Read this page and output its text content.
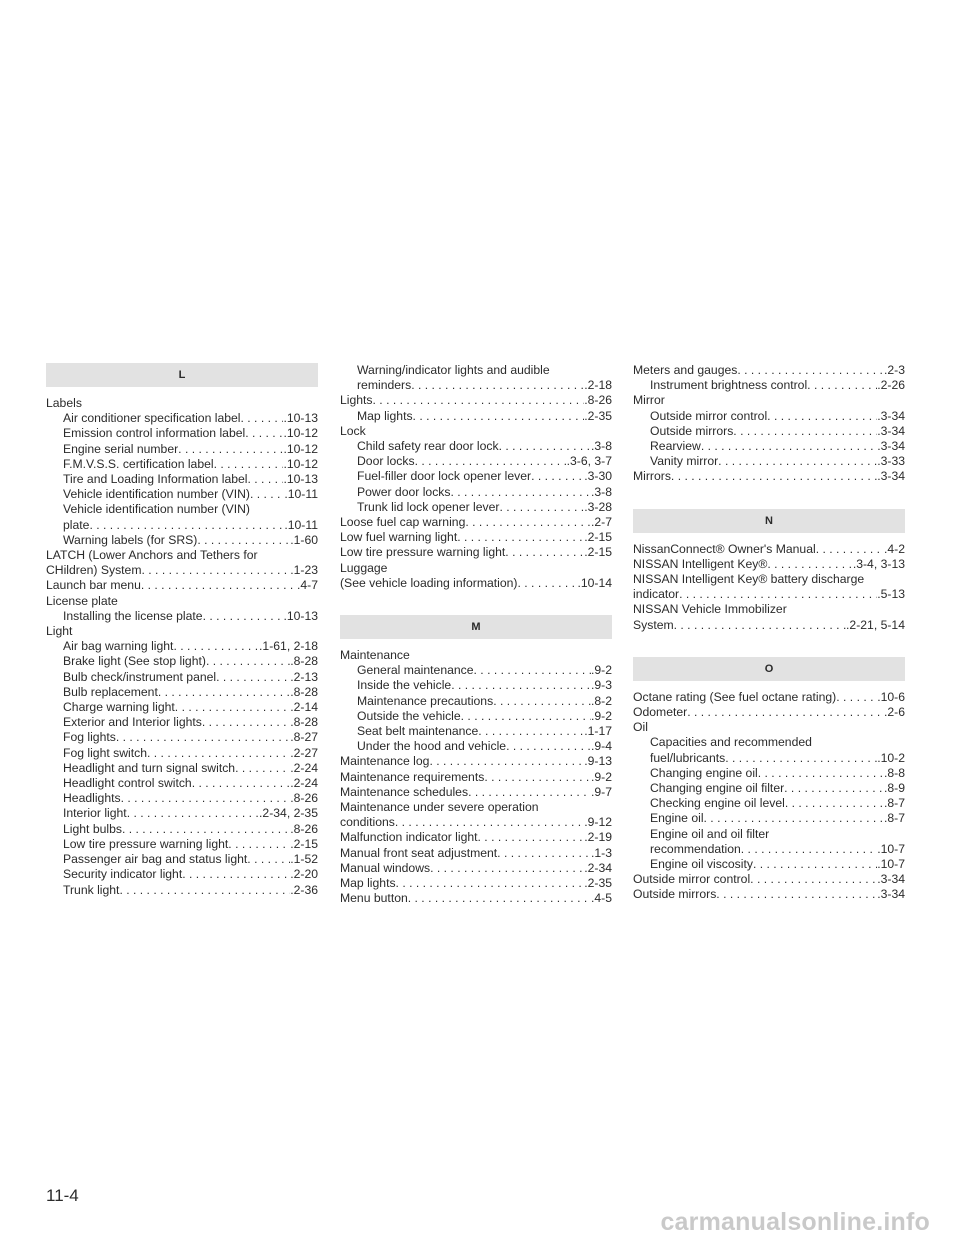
L
Labels
Air conditioner specification label . . .	.10-13
Emission control information label . . .	.10-12
Engine serial number . . .	.10-12
F.M.V.S.S. certification label . . .	.10-12
Tire and Loading Information label . . .	.10-13
Vehicle identification number (VIN) . . .	.10-11
Vehicle identification number (VIN)
plate . . .	.10-11
Warning labels (for SRS) . . .	.1-60
LATCH (Lower Anchors and Tethers for
CHildren) System . . .	.1-23
Launch bar menu . . .	.4-7
License plate
Installing the license plate . . .	.10-13
Light
Air bag warning light . . .	.1-61, 2-18
Brake light (See stop light) . . .	.8-28
Bulb check/instrument panel . . .	.2-13
Bulb replacement . . .	.8-28
Charge warning light . . .	.2-14
Exterior and Interior lights . . .	.8-28
Fog lights . . .	.8-27
Fog light switch . . .	.2-27
Headlight and turn signal switch . . .	.2-24
Headlight control switch . . .	.2-24
Headlights . . .	.8-26
Interior light . . .	.2-34, 2-35
Light bulbs . . .	.8-26
Low tire pressure warning light . . .	.2-15
Passenger air bag and status light . . .	.1-52
Security indicator light . . .	.2-20
Trunk light . . .	.2-36
Warning/indicator lights and audible
reminders . . .	.2-18
Lights . . .	.8-26
Map lights . . .	.2-35
Lock
Child safety rear door lock . . .	.3-8
Door locks . . .	.3-6, 3-7
Fuel-filler door lock opener lever . . .	.3-30
Power door locks . . .	.3-8
Trunk lid lock opener lever . . .	.3-28
Loose fuel cap warning . . .	.2-7
Low fuel warning light . . .	.2-15
Low tire pressure warning light . . .	.2-15
Luggage
(See vehicle loading information) . . .	.10-14
M
Maintenance
General maintenance . . .	.9-2
Inside the vehicle . . .	.9-3
Maintenance precautions . . .	.8-2
Outside the vehicle . . .	.9-2
Seat belt maintenance . . .	.1-17
Under the hood and vehicle . . .	.9-4
Maintenance log . . .	.9-13
Maintenance requirements . . .	.9-2
Maintenance schedules . . .	.9-7
Maintenance under severe operation
conditions . . .	.9-12
Malfunction indicator light . . .	.2-19
Manual front seat adjustment . . .	.1-3
Manual windows . . .	.2-34
Map lights . . .	.2-35
Menu button . . .	.4-5
Meters and gauges . . .	.2-3
Instrument brightness control . . .	.2-26
Mirror
Outside mirror control . . .	.3-34
Outside mirrors . . .	.3-34
Rearview . . .	.3-34
Vanity mirror . . .	.3-33
Mirrors . . .	.3-34
N
NissanConnect® Owner's Manual . . .	.4-2
NISSAN Intelligent Key® . . .	.3-4, 3-13
NISSAN Intelligent Key® battery discharge
indicator . . .	.5-13
NISSAN Vehicle Immobilizer
System . . .	.2-21, 5-14
O
Octane rating (See fuel octane rating) . . .	.10-6
Odometer . . .	.2-6
Oil
Capacities and recommended
fuel/lubricants . . .	.10-2
Changing engine oil . . .	.8-8
Changing engine oil filter . . .	.8-9
Checking engine oil level . . .	.8-7
Engine oil . . .	.8-7
Engine oil and oil filter
recommendation . . .	.10-7
Engine oil viscosity . . .	.10-7
Outside mirror control . . .	.3-34
Outside mirrors . . .	.3-34
11-4
carmanualsonline.info
